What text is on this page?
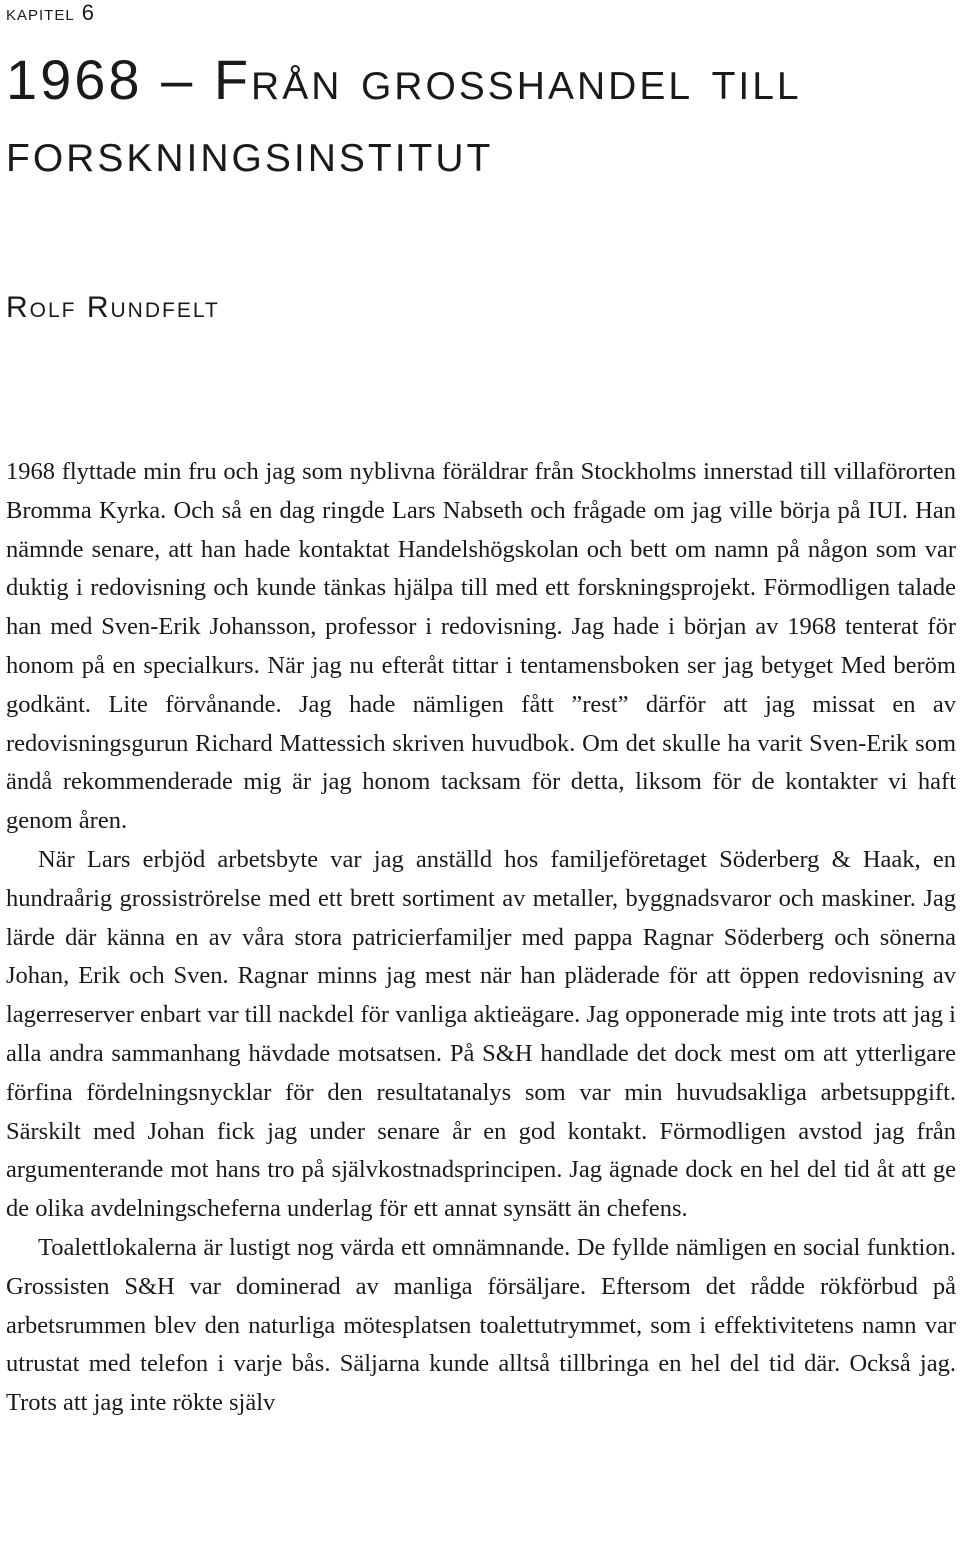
kapitel 6
1968 – Från grosshandel till forskningsinstitut
Rolf Rundfelt

1968 flyttade min fru och jag som nyblivna föräldrar från Stockholms innerstad till villaförorten Bromma Kyrka. Och så en dag ringde Lars Nabseth och frågade om jag ville börja på IUI. Han nämnde senare, att han hade kontaktat Handelshögskolan och bett om namn på någon som var duktig i redovisning och kunde tänkas hjälpa till med ett forskningsprojekt. Förmodligen talade han med Sven-Erik Johansson, professor i redovisning. Jag hade i början av 1968 tenterat för honom på en specialkurs. När jag nu efteråt tittar i tentamensboken ser jag betyget Med beröm godkänt. Lite förvånande. Jag hade nämligen fått ”rest” därför att jag missat en av redovisningsgurun Richard Mattessich skriven huvudbok. Om det skulle ha varit Sven-Erik som ändå rekommenderade mig är jag honom tacksam för detta, liksom för de kontakter vi haft genom åren.

När Lars erbjöd arbetsbyte var jag anställd hos familjeföretaget Söderberg & Haak, en hundraårig grossiströrelse med ett brett sortiment av metaller, byggnadsvaror och maskiner. Jag lärde där känna en av våra stora patricierfamiljer med pappa Ragnar Söderberg och sönerna Johan, Erik och Sven. Ragnar minns jag mest när han pläderade för att öppen redovisning av lagerreserver enbart var till nackdel för vanliga aktieägare. Jag opponerade mig inte trots att jag i alla andra sammanhang hävdade motsatsen. På S&H handlade det dock mest om att ytterligare förfina fördelningsnycklar för den resultatanalys som var min huvudsakliga arbetsuppgift. Särskilt med Johan fick jag under senare år en god kontakt. Förmodligen avstod jag från argumenterande mot hans tro på självkostnadsprincipen. Jag ägnade dock en hel del tid åt att ge de olika avdelningscheferna underlag för ett annat synsätt än chefens.

Toalettlokalerna är lustigt nog värda ett omnämnande. De fyllde nämligen en social funktion. Grossisten S&H var dominerad av manliga försäljare. Eftersom det rådde rökförbud på arbetsrummen blev den naturliga mötesplatsen toalettutrymmet, som i effektivitetens namn var utrustat med telefon i varje bås. Säljarna kunde alltså tillbringa en hel del tid där. Också jag. Trots att jag inte rökte själv
